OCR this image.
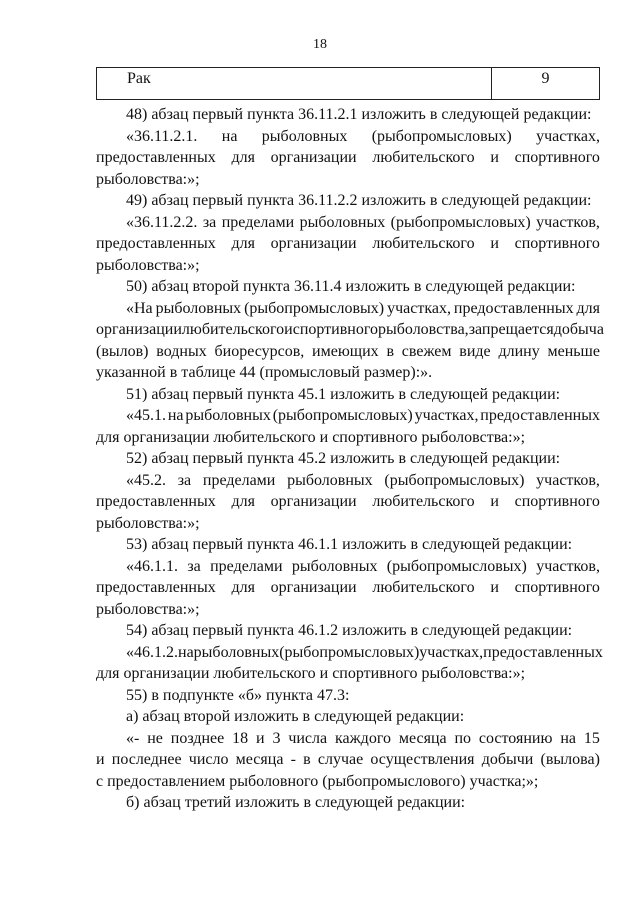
18
Рак	9
48) абзац первый пункта 36.11.2.1 изложить в следующей редакции:
«36.11.2.1. на рыболовных (рыбопромысловых) участках,
предоставленных для организации любительского и спортивного
рыболовства:»;
49) абзац первый пункта 36.11.2.2 изложить в следующей редакции:
«36.11.2.2. за пределами рыболовных (рыбопромысловых) участков,
предоставленных для организации любительского и спортивного
рыболовства:»;
50) абзац второй пункта 36.11.4 изложить в следующей редакции:
«На рыболовных (рыбопромысловых) участках, предоставленных для
организации любительского и спортивного рыболовства, запрещается добыча
(вылов) водных биоресурсов, имеющих в свежем виде длину меньше
указанной в таблице 44 (промысловый размер):».
51) абзац первый пункта 45.1 изложить в следующей редакции:
«45.1. на рыболовных (рыбопромысловых) участках, предоставленных
для организации любительского и спортивного рыболовства:»;
52) абзац первый пункта 45.2 изложить в следующей редакции:
«45.2. за пределами рыболовных (рыбопромысловых) участков,
предоставленных для организации любительского и спортивного
рыболовства:»;
53) абзац первый пункта 46.1.1 изложить в следующей редакции:
«46.1.1. за пределами рыболовных (рыбопромысловых) участков,
предоставленных для организации любительского и спортивного
рыболовства:»;
54) абзац первый пункта 46.1.2 изложить в следующей редакции:
«46.1.2. на рыболовных (рыбопромысловых) участках, предоставленных
для организации любительского и спортивного рыболовства:»;
55) в подпункте «б» пункта 47.3:
а) абзац второй изложить в следующей редакции:
«- не позднее 18 и 3 числа каждого месяца по состоянию на 15
и последнее число месяца - в случае осуществления добычи (вылова)
с предоставлением рыболовного (рыбопромыслового) участка;»;
б) абзац третий изложить в следующей редакции:
